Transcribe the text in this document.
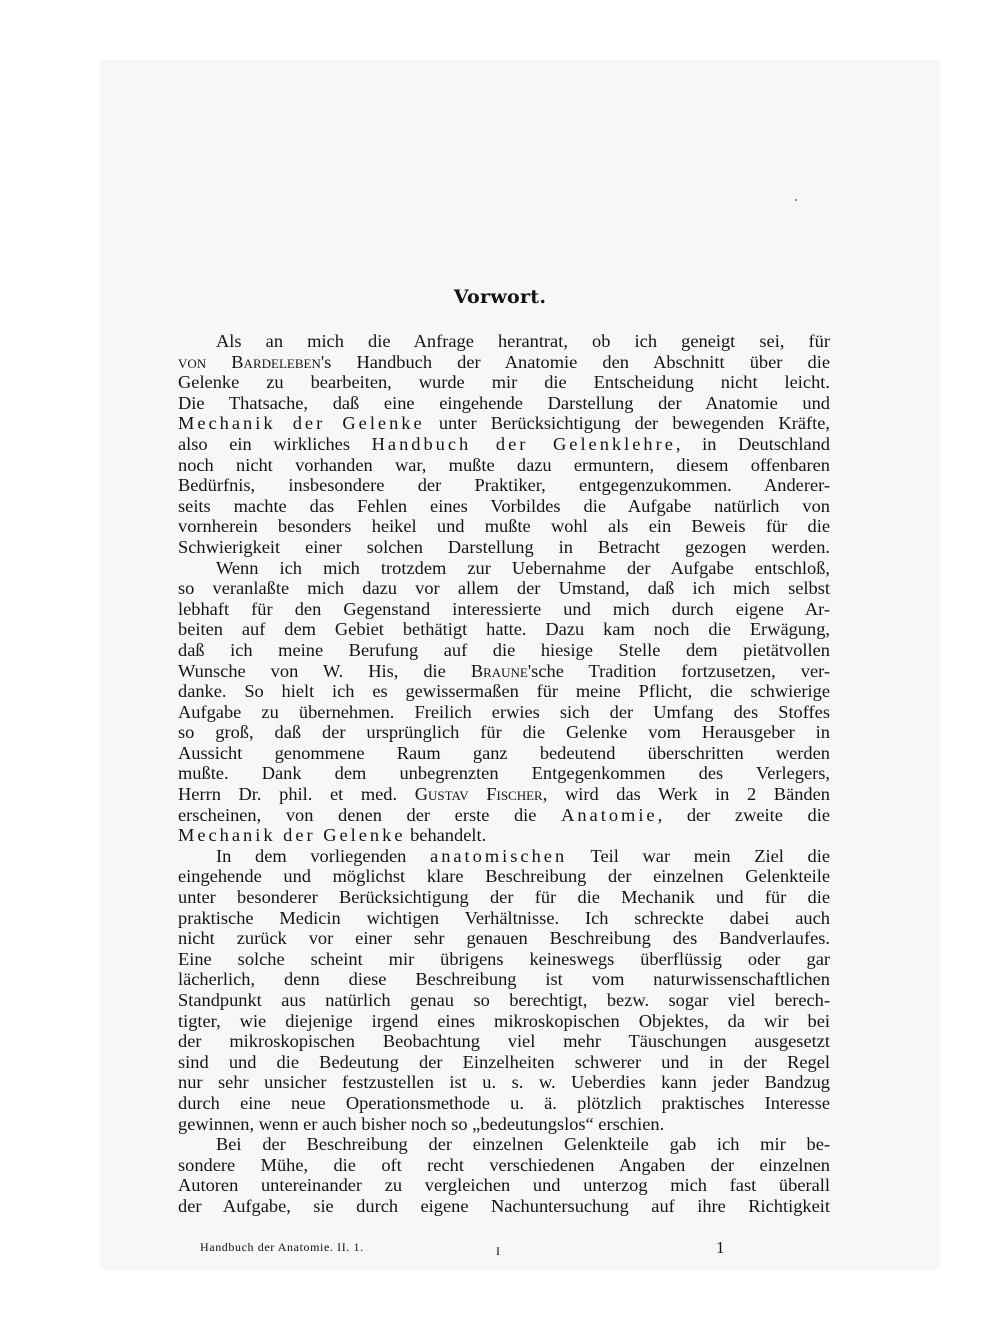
Vorwort.
Als an mich die Anfrage herantrat, ob ich geneigt sei, für
von Bardeleben's Handbuch der Anatomie den Abschnitt über die
Gelenke zu bearbeiten, wurde mir die Entscheidung nicht leicht.
Die Thatsache, daß eine eingehende Darstellung der Anatomie und
Mechanik der Gelenke unter Berücksichtigung der bewegenden Kräfte,
also ein wirkliches Handbuch der Gelenklehre, in Deutschland
noch nicht vorhanden war, mußte dazu ermuntern, diesem offenbaren
Bedürfnis, insbesondere der Praktiker, entgegenzukommen. Anderer-
seits machte das Fehlen eines Vorbildes die Aufgabe natürlich von
vornherein besonders heikel und mußte wohl als ein Beweis für die
Schwierigkeit einer solchen Darstellung in Betracht gezogen werden.
Wenn ich mich trotzdem zur Uebernahme der Aufgabe entschloß,
so veranlaßte mich dazu vor allem der Umstand, daß ich mich selbst
lebhaft für den Gegenstand interessierte und mich durch eigene Ar-
beiten auf dem Gebiet bethätigt hatte. Dazu kam noch die Erwägung,
daß ich meine Berufung auf die hiesige Stelle dem pietätvollen
Wunsche von W. His, die Braune'sche Tradition fortzusetzen, ver-
danke. So hielt ich es gewissermaßen für meine Pflicht, die schwierige
Aufgabe zu übernehmen. Freilich erwies sich der Umfang des Stoffes
so groß, daß der ursprünglich für die Gelenke vom Herausgeber in
Aussicht genommene Raum ganz bedeutend überschritten werden
mußte. Dank dem unbegrenzten Entgegenkommen des Verlegers,
Herrn Dr. phil. et med. Gustav Fischer, wird das Werk in 2 Bänden
erscheinen, von denen der erste die Anatomie, der zweite die
Mechanik der Gelenke behandelt.
In dem vorliegenden anatomischen Teil war mein Ziel die
eingehende und möglichst klare Beschreibung der einzelnen Gelenkteile
unter besonderer Berücksichtigung der für die Mechanik und für die
praktische Medicin wichtigen Verhältnisse. Ich schreckte dabei auch
nicht zurück vor einer sehr genauen Beschreibung des Bandverlaufes.
Eine solche scheint mir übrigens keineswegs überflüssig oder gar
lächerlich, denn diese Beschreibung ist vom naturwissenschaftlichen
Standpunkt aus natürlich genau so berechtigt, bezw. sogar viel berech-
tigter, wie diejenige irgend eines mikroskopischen Objektes, da wir bei
der mikroskopischen Beobachtung viel mehr Täuschungen ausgesetzt
sind und die Bedeutung der Einzelheiten schwerer und in der Regel
nur sehr unsicher festzustellen ist u. s. w. Ueberdies kann jeder Bandzug
durch eine neue Operationsmethode u. ä. plötzlich praktisches Interesse
gewinnen, wenn er auch bisher noch so „bedeutungslos“ erschien.
Bei der Beschreibung der einzelnen Gelenkteile gab ich mir be-
sondere Mühe, die oft recht verschiedenen Angaben der einzelnen
Autoren untereinander zu vergleichen und unterzog mich fast überall
der Aufgabe, sie durch eigene Nachuntersuchung auf ihre Richtigkeit
Handbuch der Anatomie. II. 1.	I	1
